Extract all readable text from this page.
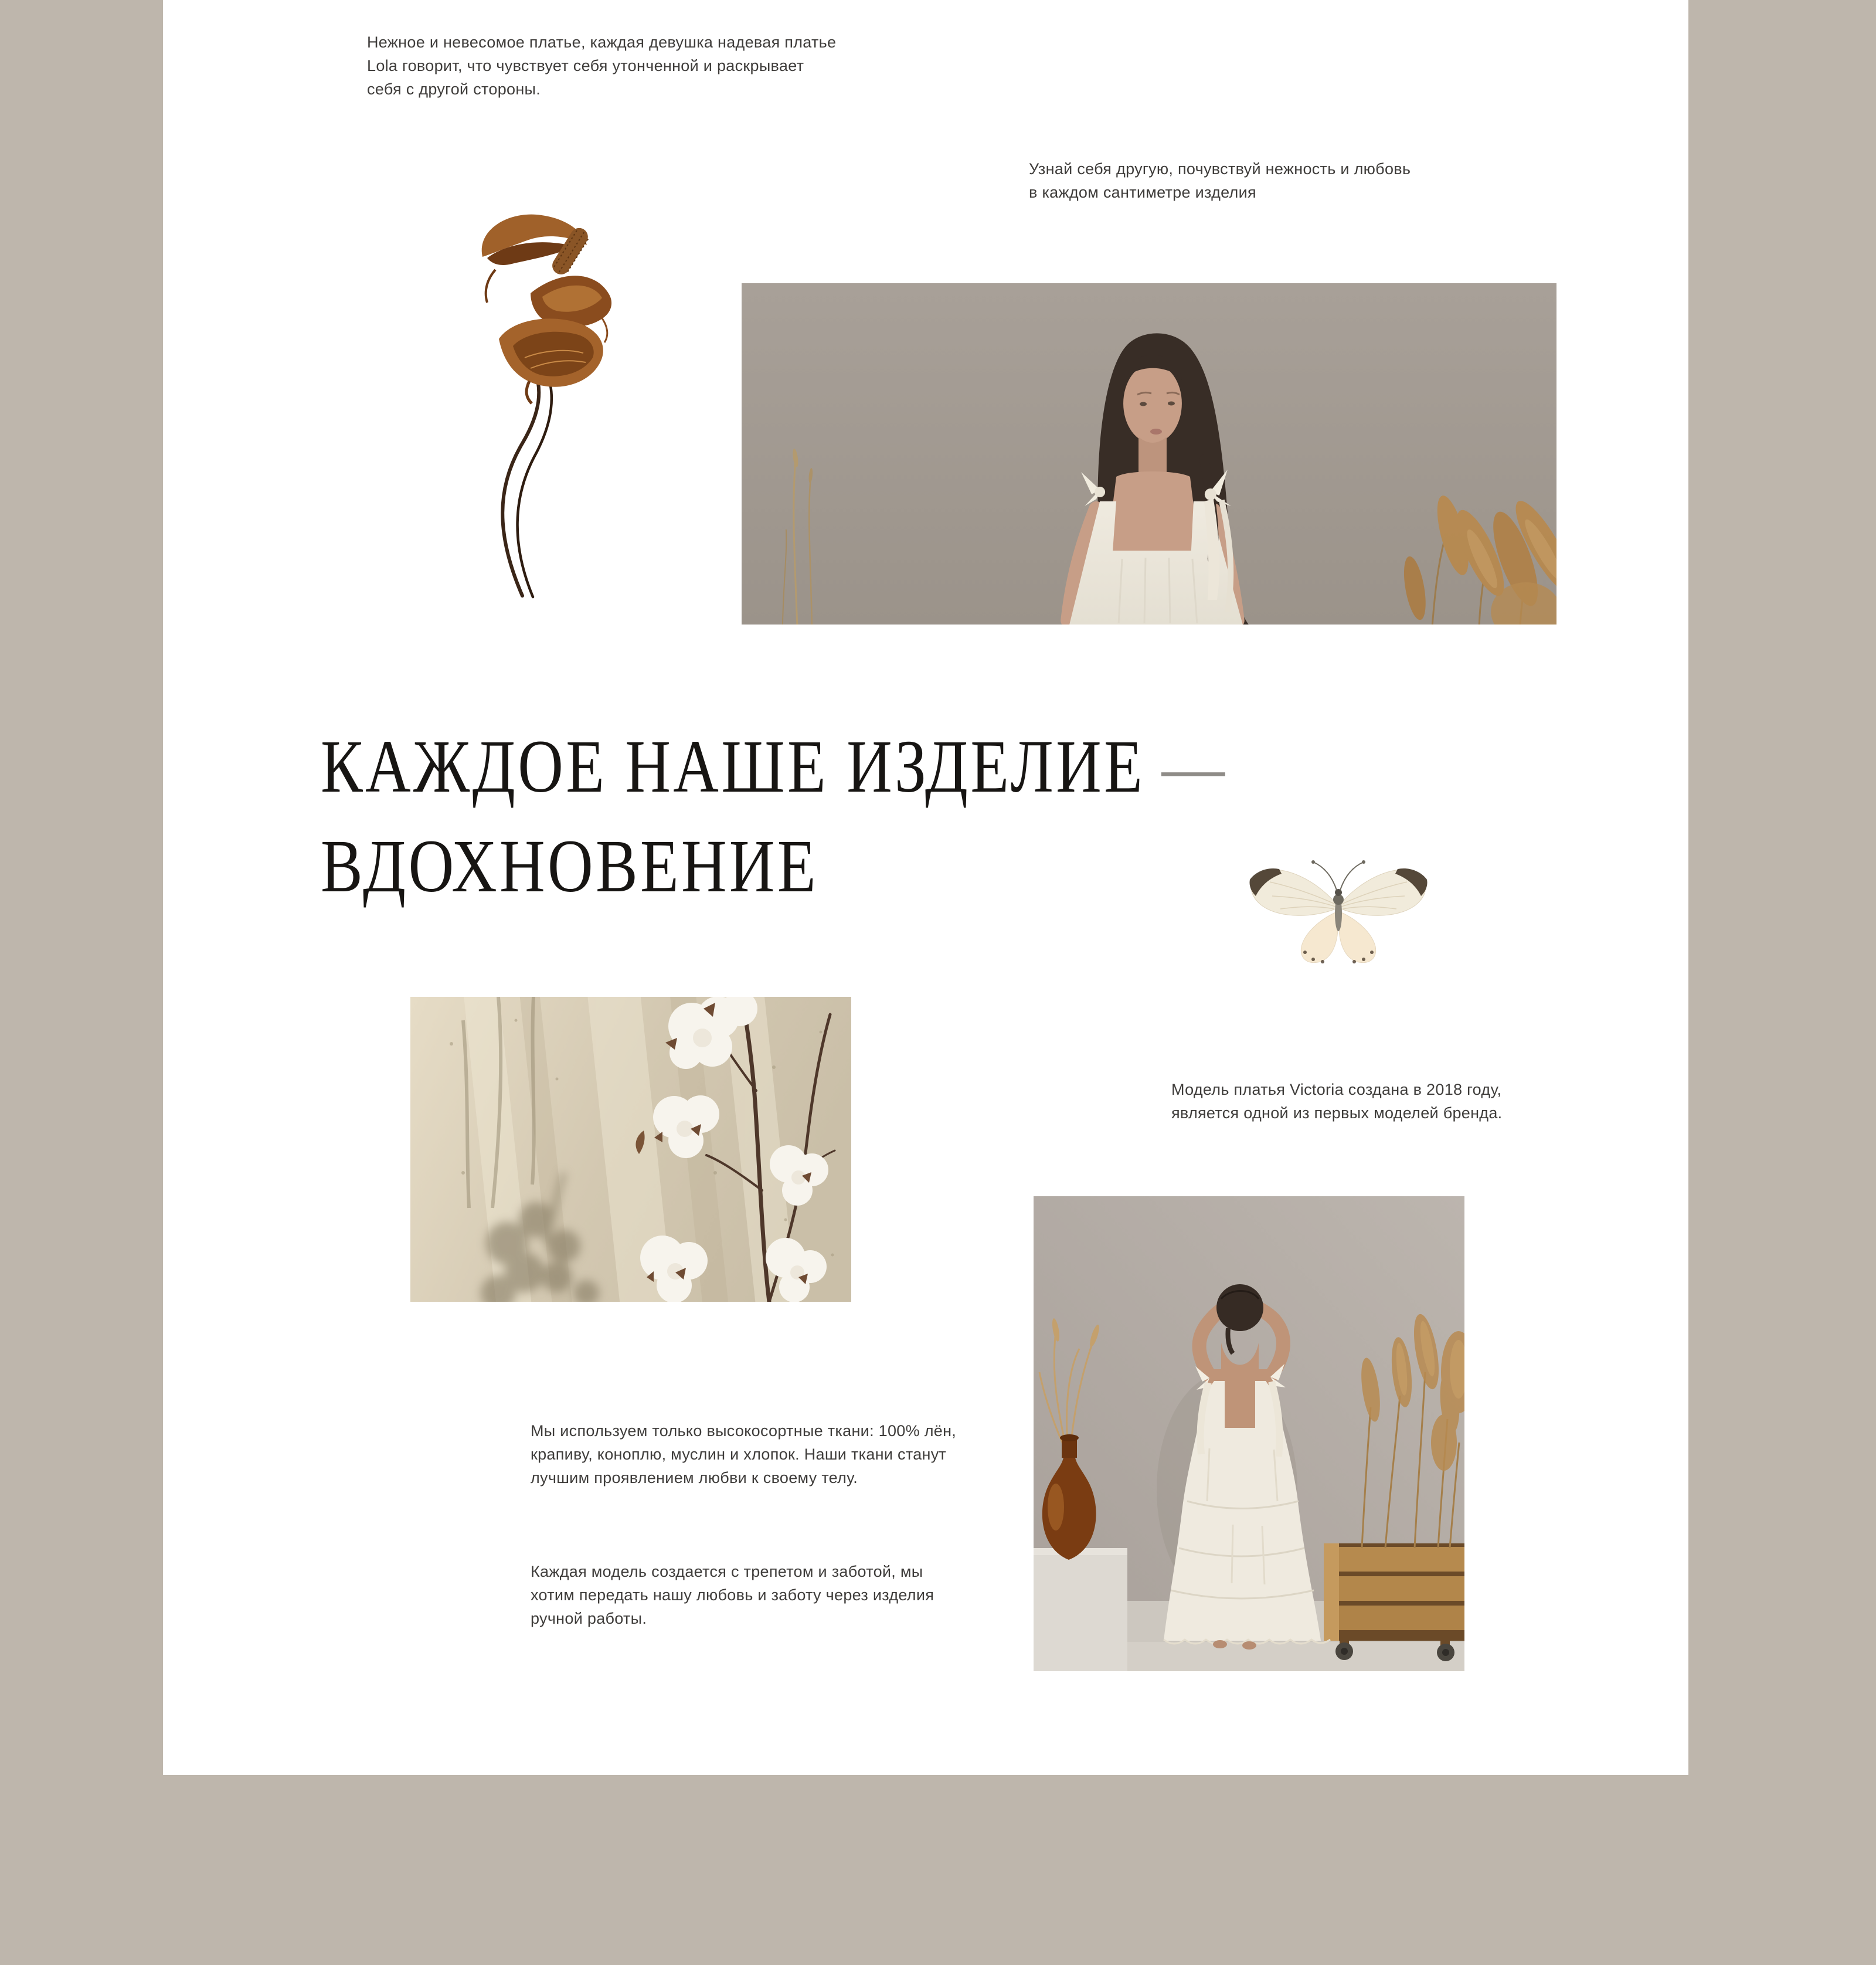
Нежное и невесомое платье, каждая девушка надевая платье
Lola говорит, что чувствует себя утонченной и раскрывает
себя с другой стороны.

Узнай себя другую, почувствуй нежность и любовь
в каждом сантиметре изделия

КАЖДОЕ НАШЕ ИЗДЕЛИЕ —
ВДОХНОВЕНИЕ

Модель платья Victoria создана в 2018 году,
является одной из первых моделей бренда.

Мы используем только высокосортные ткани: 100% лён,
крапиву, коноплю, муслин и хлопок. Наши ткани станут
лучшим проявлением любви к своему телу.

Каждая модель создается с трепетом и заботой, мы
хотим передать нашу любовь и заботу через изделия
ручной работы.
